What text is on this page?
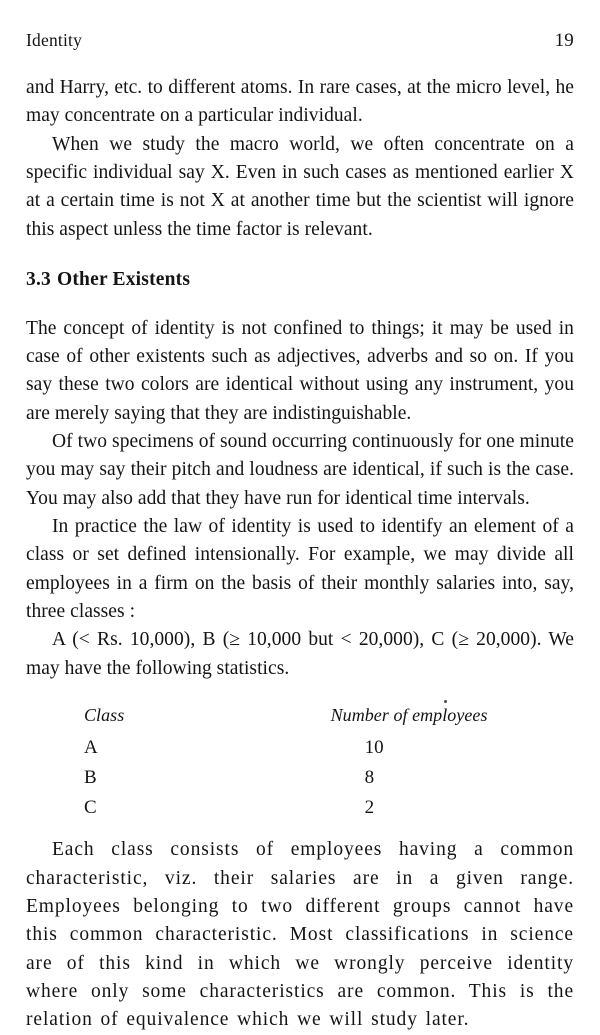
Identity	19

and Harry, etc. to different atoms. In rare cases, at the micro level, he may concentrate on a particular individual.

When we study the macro world, we often concentrate on a specific individual say X. Even in such cases as mentioned earlier X at a certain time is not X at another time but the scientist will ignore this aspect unless the time factor is relevant.

3.3 Other Existents

The concept of identity is not confined to things; it may be used in case of other existents such as adjectives, adverbs and so on. If you say these two colors are identical without using any instrument, you are merely saying that they are indistinguishable.

Of two specimens of sound occurring continuously for one minute you may say their pitch and loudness are identical, if such is the case. You may also add that they have run for identical time intervals.

In practice the law of identity is used to identify an element of a class or set defined intensionally. For example, we may divide all employees in a firm on the basis of their monthly salaries into, say, three classes :

A (< Rs. 10,000), B (≥ 10,000 but < 20,000), C (≥ 20,000). We may have the following statistics.

Class	Number of employees
A	10
B	8
C	2

Each class consists of employees having a common characteristic, viz. their salaries are in a given range. Employees belonging to two different groups cannot have this common characteristic. Most classifications in science are of this kind in which we wrongly perceive identity where only some characteristics are common. This is the relation of equivalence which we will study later.
